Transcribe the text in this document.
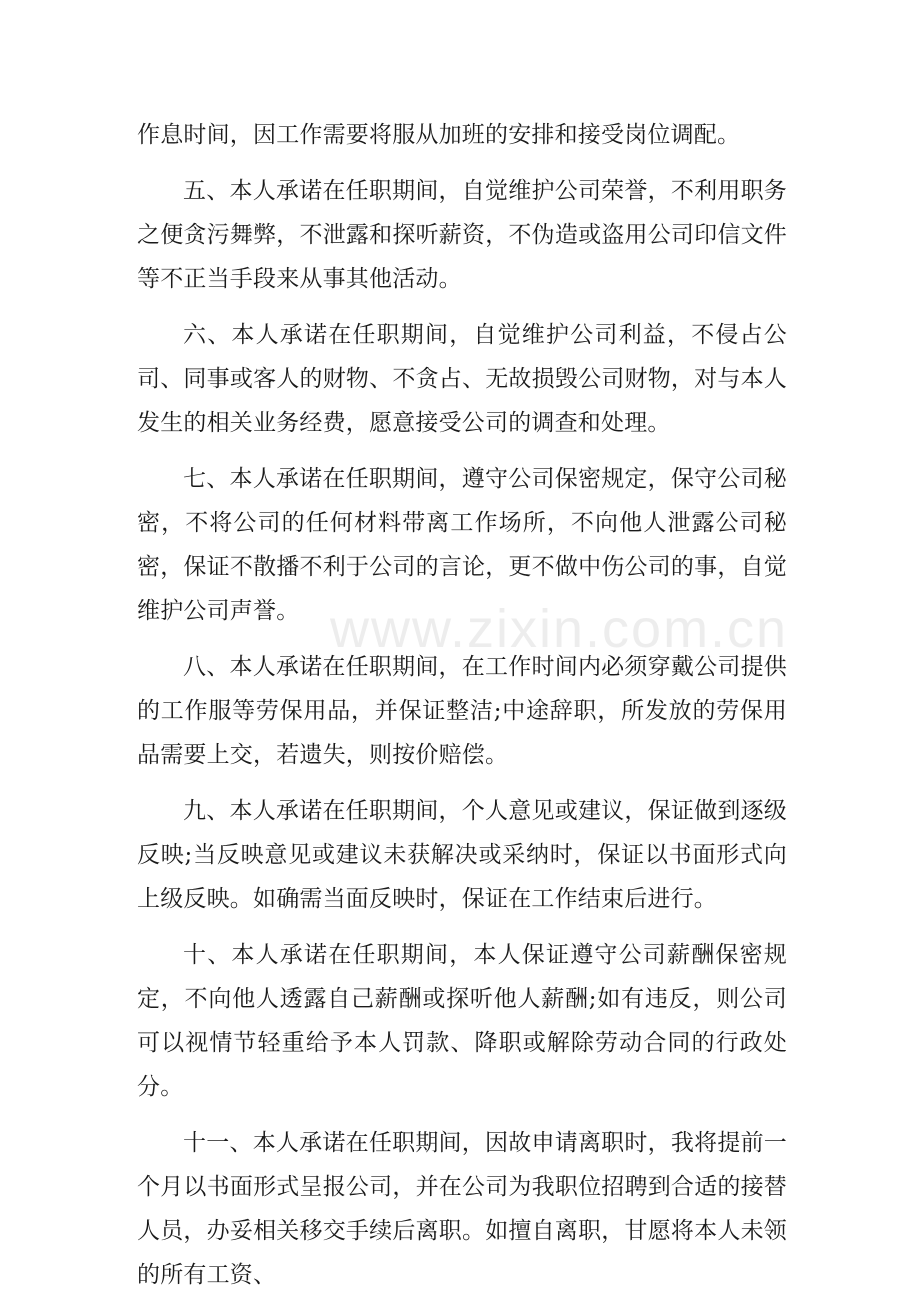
作息时间，因工作需要将服从加班的安排和接受岗位调配。

五、本人承诺在任职期间，自觉维护公司荣誉，不利用职务之便贪污舞弊，不泄露和探听薪资，不伪造或盗用公司印信文件等不正当手段来从事其他活动。

六、本人承诺在任职期间，自觉维护公司利益，不侵占公司、同事或客人的财物、不贪占、无故损毁公司财物，对与本人发生的相关业务经费，愿意接受公司的调查和处理。

七、本人承诺在任职期间，遵守公司保密规定，保守公司秘密，不将公司的任何材料带离工作场所，不向他人泄露公司秘密，保证不散播不利于公司的言论，更不做中伤公司的事，自觉维护公司声誉。

八、本人承诺在任职期间，在工作时间内必须穿戴公司提供的工作服等劳保用品，并保证整洁;中途辞职，所发放的劳保用品需要上交，若遗失，则按价赔偿。

九、本人承诺在任职期间，个人意见或建议，保证做到逐级反映;当反映意见或建议未获解决或采纳时，保证以书面形式向上级反映。如确需当面反映时，保证在工作结束后进行。

十、本人承诺在任职期间，本人保证遵守公司薪酬保密规定，不向他人透露自己薪酬或探听他人薪酬;如有违反，则公司可以视情节轻重给予本人罚款、降职或解除劳动合同的行政处分。

十一、本人承诺在任职期间，因故申请离职时，我将提前一个月以书面形式呈报公司，并在公司为我职位招聘到合适的接替人员，办妥相关移交手续后离职。如擅自离职，甘愿将本人未领的所有工资、

www.zixin.com.cn
